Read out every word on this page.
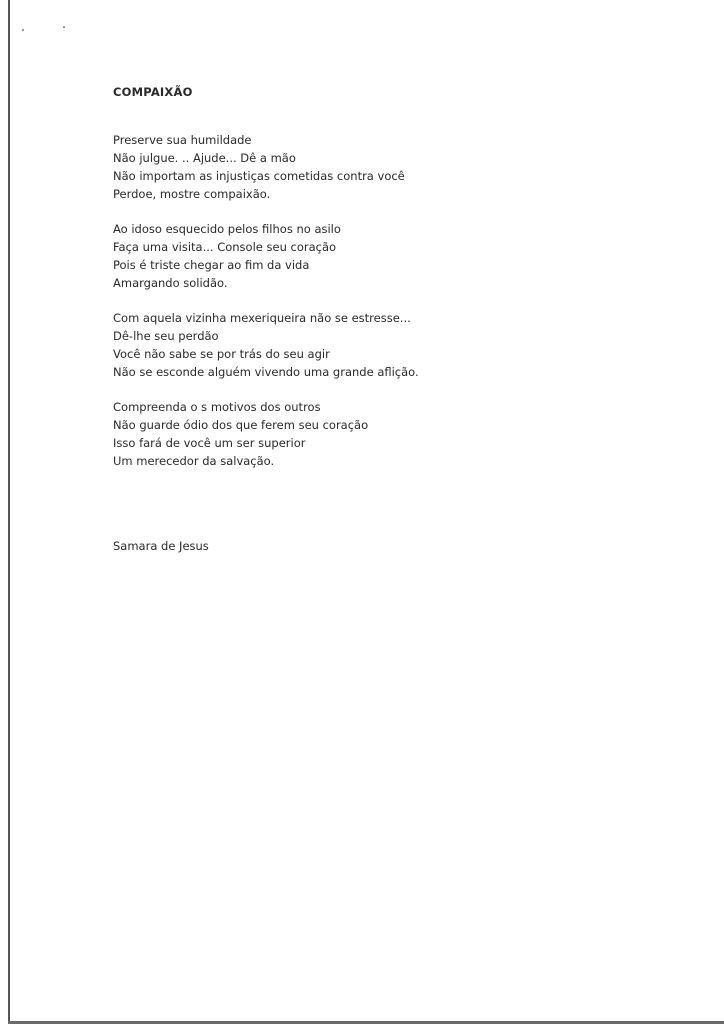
COMPAIXÃO
Preserve sua humildade
Não julgue. .. Ajude... Dê a mão
Não importam as injustiças cometidas contra você
Perdoe, mostre compaixão.
Ao idoso esquecido pelos filhos no asilo
Faça uma visita... Console seu coração
Pois é triste chegar ao fim da vida
Amargando solidão.
Com aquela vizinha mexeriqueira não se estresse...
Dê-lhe seu perdão
Você não sabe se por trás do seu agir
Não se esconde alguém vivendo uma grande aflição.
Compreenda o s motivos dos outros
Não guarde ódio dos que ferem seu coração
Isso fará de você um ser superior
Um merecedor da salvação.
Samara de Jesus
